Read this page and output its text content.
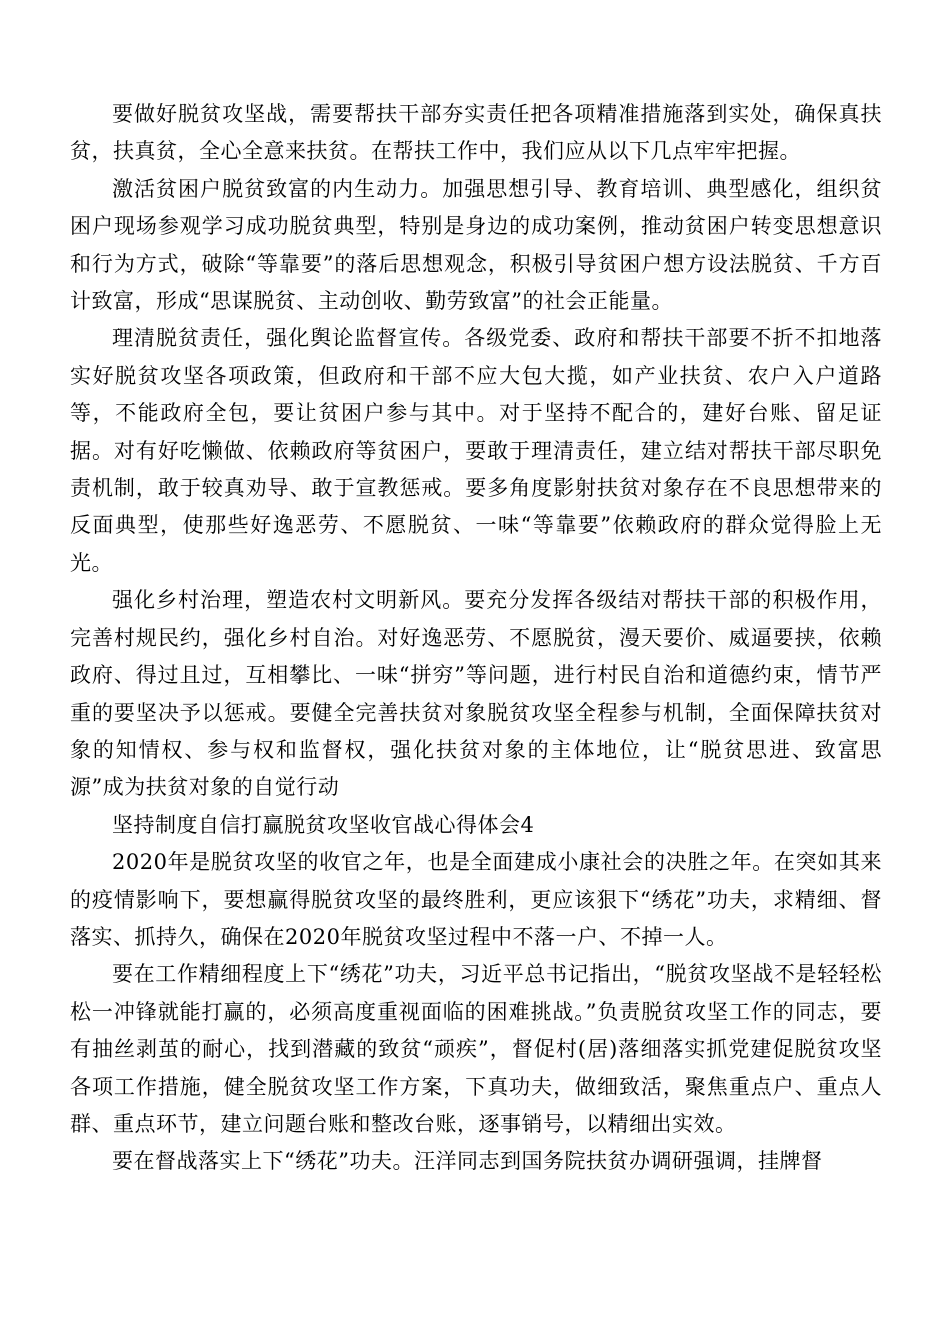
要做好脱贫攻坚战，需要帮扶干部夯实责任把各项精准措施落到实处，确保真扶贫，扶真贫，全心全意来扶贫。在帮扶工作中，我们应从以下几点牢牢把握。

激活贫困户脱贫致富的内生动力。加强思想引导、教育培训、典型感化，组织贫困户现场参观学习成功脱贫典型，特别是身边的成功案例，推动贫困户转变思想意识和行为方式，破除“等靠要”的落后思想观念，积极引导贫困户想方设法脱贫、千方百计致富，形成“思谋脱贫、主动创收、勤劳致富”的社会正能量。

理清脱贫责任，强化舆论监督宣传。各级党委、政府和帮扶干部要不折不扣地落实好脱贫攻坚各项政策，但政府和干部不应大包大揽，如产业扶贫、农户入户道路等，不能政府全包，要让贫困户参与其中。对于坚持不配合的，建好台账、留足证据。对有好吃懒做、依赖政府等贫困户，要敢于理清责任，建立结对帮扶干部尽职免责机制，敢于较真劝导、敢于宣教惩戒。要多角度影射扶贫对象存在不良思想带来的反面典型，使那些好逸恶劳、不愿脱贫、一味“等靠要”依赖政府的群众觉得脸上无光。

强化乡村治理，塑造农村文明新风。要充分发挥各级结对帮扶干部的积极作用，完善村规民约，强化乡村自治。对好逸恶劳、不愿脱贫，漫天要价、威逼要挟，依赖政府、得过且过，互相攀比、一味“拼穷”等问题，进行村民自治和道德约束，情节严重的要坚决予以惩戒。要健全完善扶贫对象脱贫攻坚全程参与机制，全面保障扶贫对象的知情权、参与权和监督权，强化扶贫对象的主体地位，让“脱贫思进、致富思源”成为扶贫对象的自觉行动

坚持制度自信打赢脱贫攻坚收官战心得体会4

2020年是脱贫攻坚的收官之年，也是全面建成小康社会的决胜之年。在突如其来的疫情影响下，要想赢得脱贫攻坚的最终胜利，更应该狠下“绣花”功夫，求精细、督落实、抓持久，确保在2020年脱贫攻坚过程中不落一户、不掉一人。

要在工作精细程度上下“绣花”功夫，习近平总书记指出，“脱贫攻坚战不是轻轻松松一冲锋就能打赢的，必须高度重视面临的困难挑战。”负责脱贫攻坚工作的同志，要有抽丝剥茧的耐心，找到潜藏的致贫“顽疾”，督促村(居)落细落实抓党建促脱贫攻坚各项工作措施，健全脱贫攻坚工作方案，下真功夫，做细致活，聚焦重点户、重点人群、重点环节，建立问题台账和整改台账，逐事销号，以精细出实效。

要在督战落实上下“绣花”功夫。汪洋同志到国务院扶贫办调研强调，挂牌督
